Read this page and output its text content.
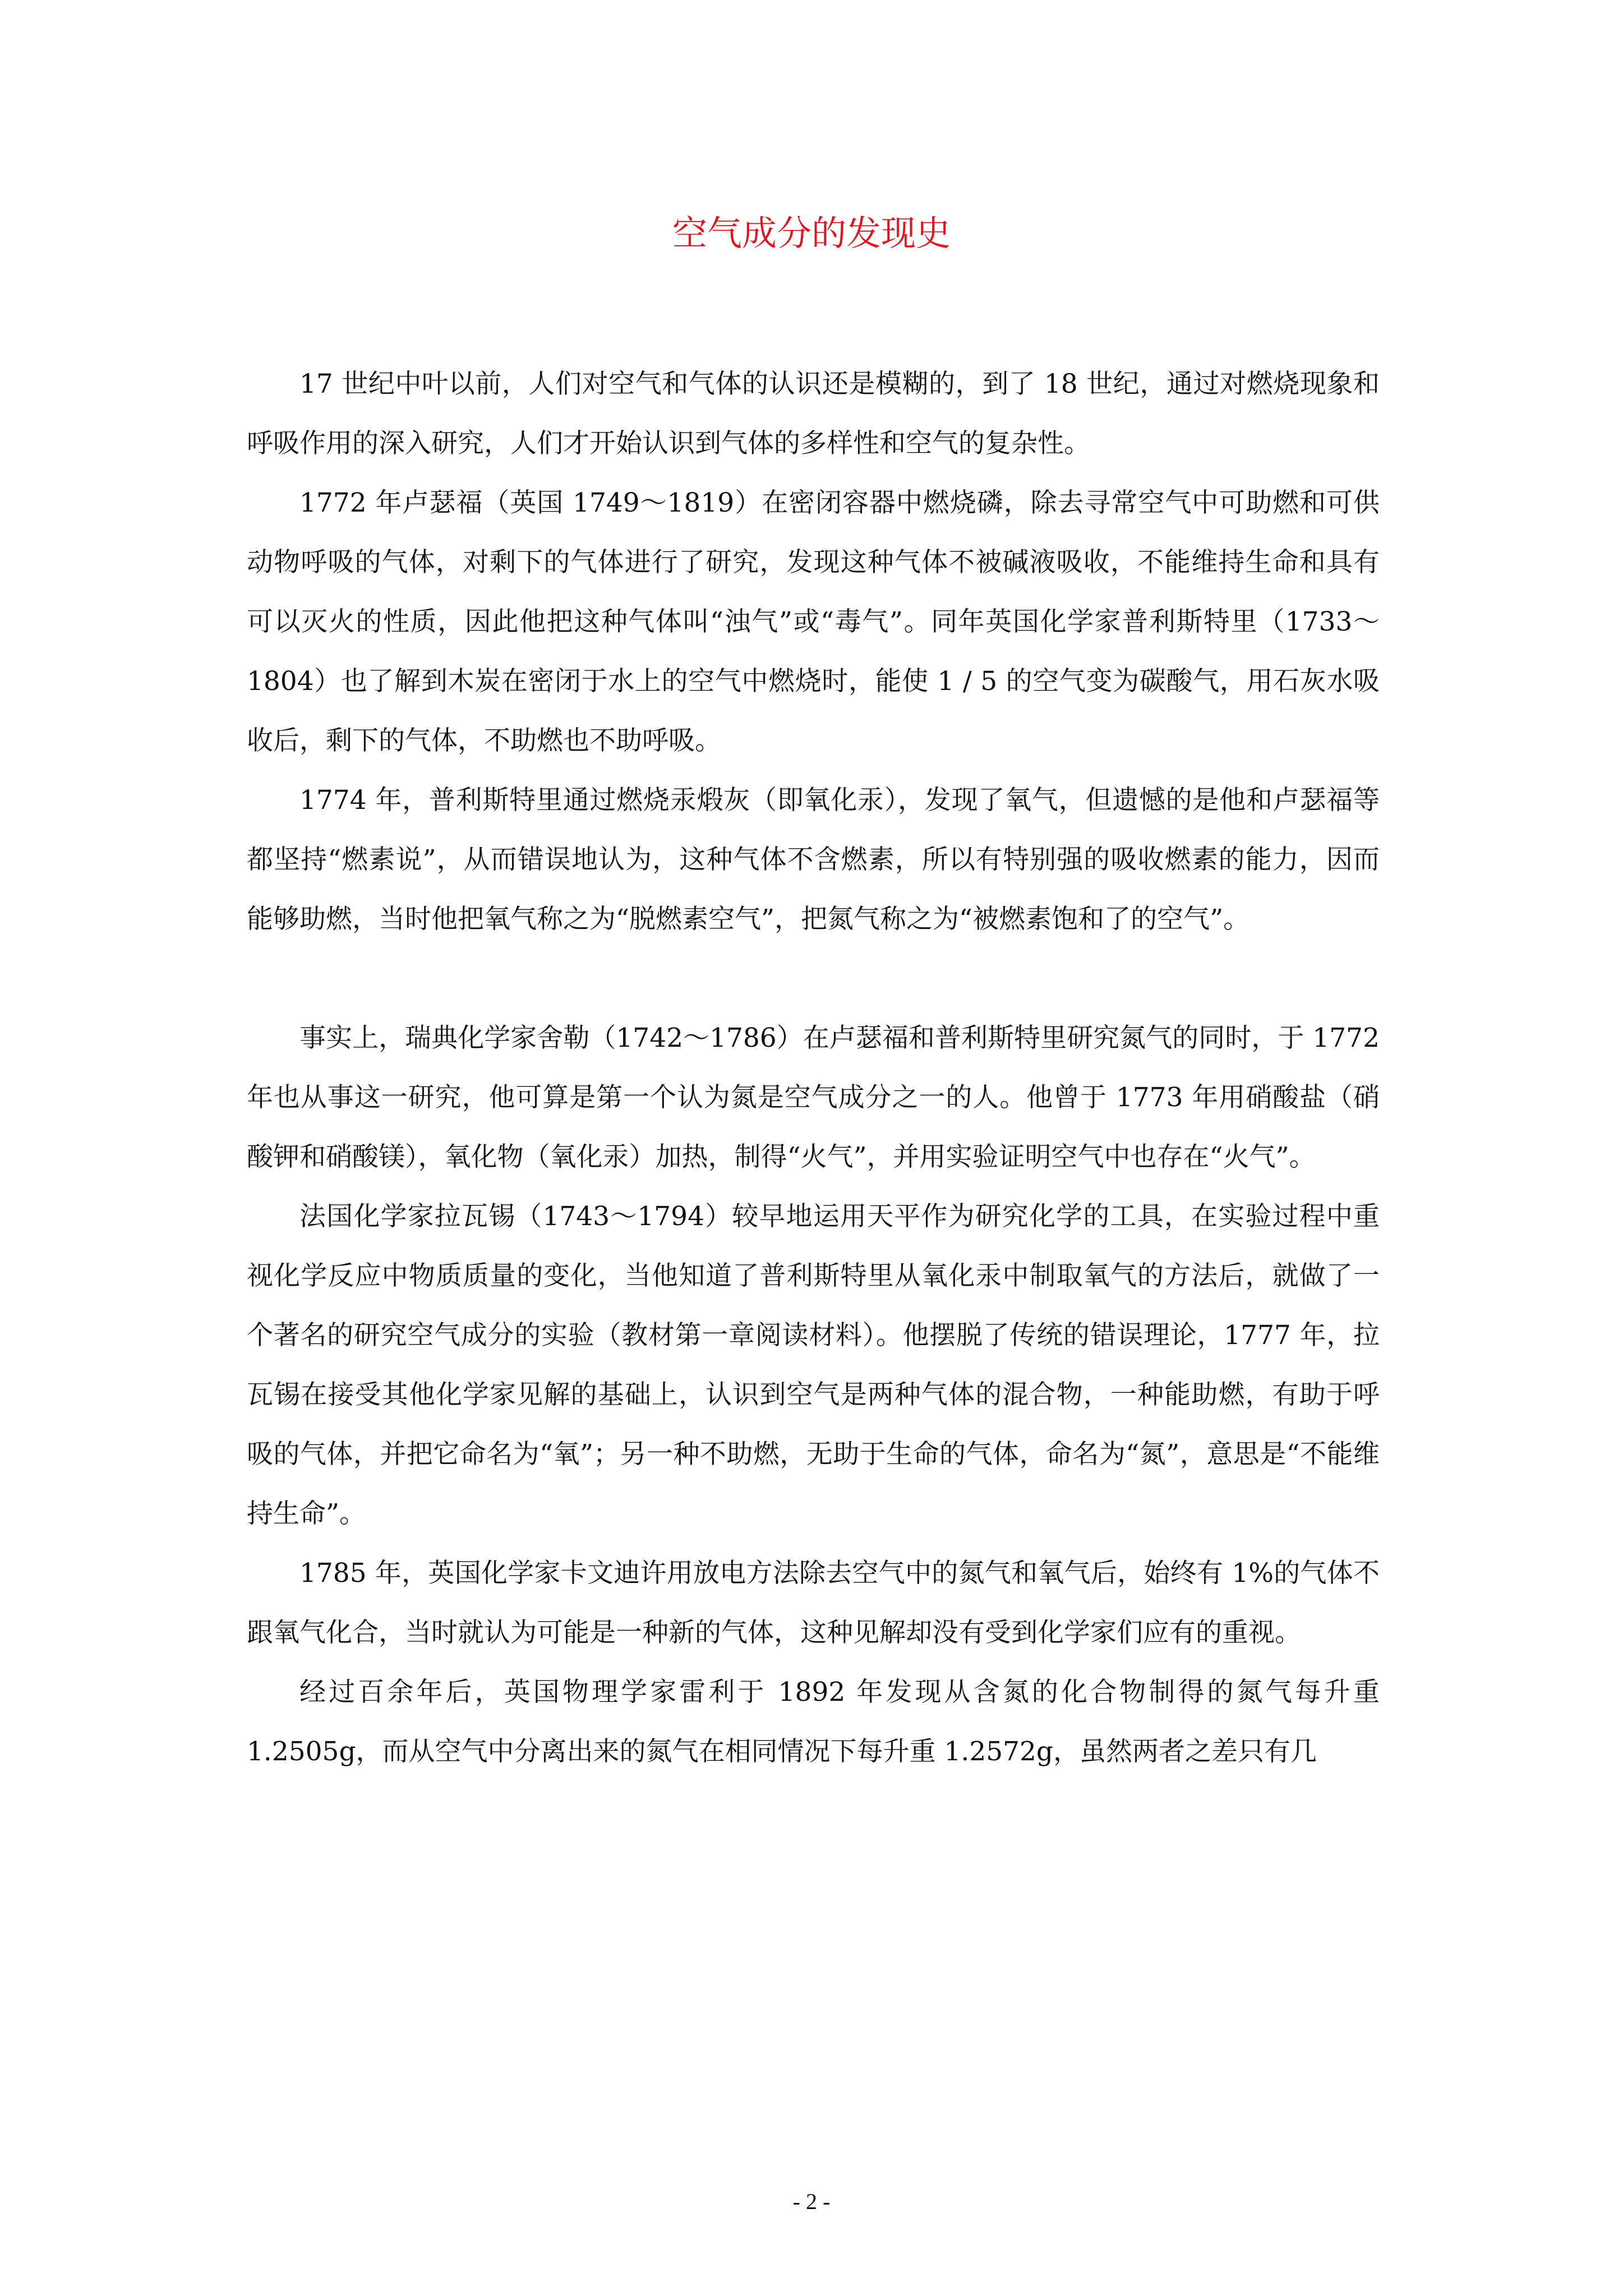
空气成分的发现史

17 世纪中叶以前，人们对空气和气体的认识还是模糊的，到了 18 世纪，通过对燃烧现象和呼吸作用的深入研究，人们才开始认识到气体的多样性和空气的复杂性。

1772 年卢瑟福（英国 1749～1819）在密闭容器中燃烧磷，除去寻常空气中可助燃和可供动物呼吸的气体，对剩下的气体进行了研究，发现这种气体不被碱液吸收，不能维持生命和具有可以灭火的性质，因此他把这种气体叫“浊气”或“毒气”。同年英国化学家普利斯特里（1733～1804）也了解到木炭在密闭于水上的空气中燃烧时，能使 1 / 5 的空气变为碳酸气，用石灰水吸收后，剩下的气体，不助燃也不助呼吸。

1774 年，普利斯特里通过燃烧汞煅灰（即氧化汞），发现了氧气，但遗憾的是他和卢瑟福等都坚持“燃素说”，从而错误地认为，这种气体不含燃素，所以有特别强的吸收燃素的能力，因而能够助燃，当时他把氧气称之为“脱燃素空气”，把氮气称之为“被燃素饱和了的空气”。

事实上，瑞典化学家舍勒（1742～1786）在卢瑟福和普利斯特里研究氮气的同时，于 1772 年也从事这一研究，他可算是第一个认为氮是空气成分之一的人。他曾于 1773 年用硝酸盐（硝酸钾和硝酸镁），氧化物（氧化汞）加热，制得“火气”，并用实验证明空气中也存在“火气”。

法国化学家拉瓦锡（1743～1794）较早地运用天平作为研究化学的工具，在实验过程中重视化学反应中物质质量的变化，当他知道了普利斯特里从氧化汞中制取氧气的方法后，就做了一个著名的研究空气成分的实验（教材第一章阅读材料）。他摆脱了传统的错误理论，1777 年，拉瓦锡在接受其他化学家见解的基础上，认识到空气是两种气体的混合物，一种能助燃，有助于呼吸的气体，并把它命名为“氧”；另一种不助燃，无助于生命的气体，命名为“氮”，意思是“不能维持生命”。

1785 年，英国化学家卡文迪许用放电方法除去空气中的氮气和氧气后，始终有 1%的气体不跟氧气化合，当时就认为可能是一种新的气体，这种见解却没有受到化学家们应有的重视。

经过百余年后，英国物理学家雷利于 1892 年发现从含氮的化合物制得的氮气每升重 1.2505g，而从空气中分离出来的氮气在相同情况下每升重 1.2572g，虽然两者之差只有几

- 2 -
